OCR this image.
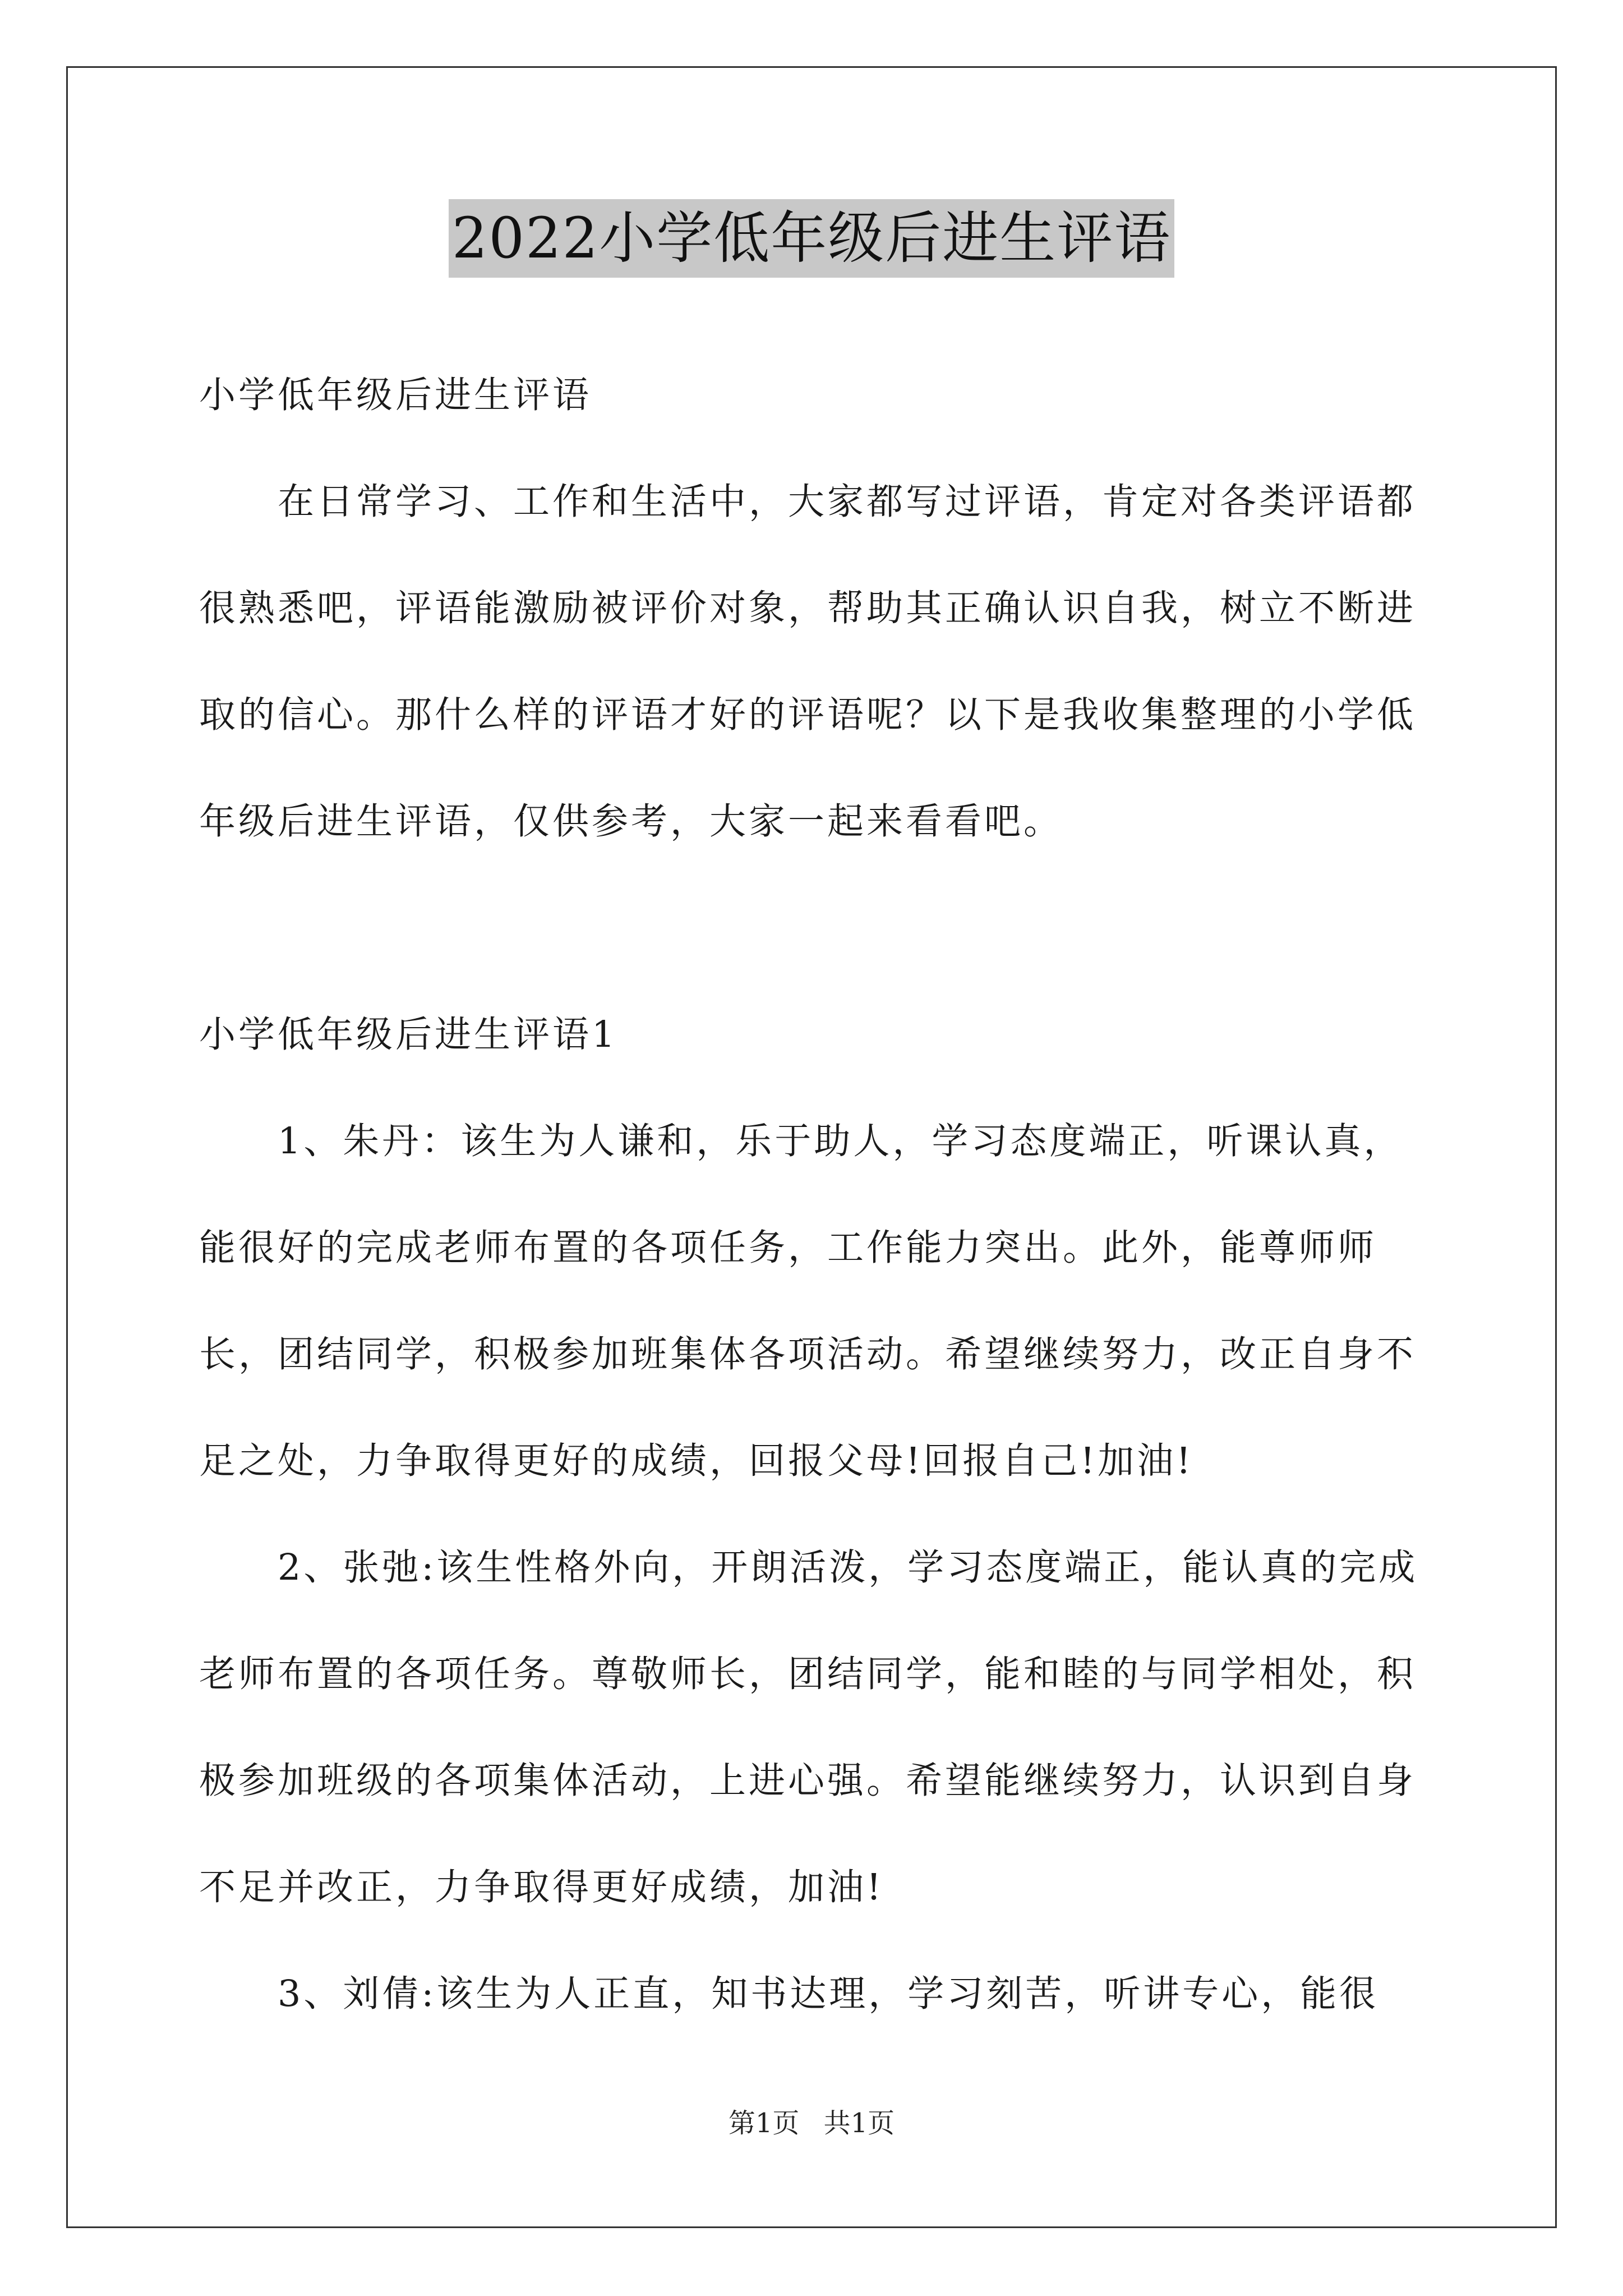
2022小学低年级后进生评语

小学低年级后进生评语

在日常学习、工作和生活中，大家都写过评语，肯定对各类评语都很熟悉吧，评语能激励被评价对象，帮助其正确认识自我，树立不断进取的信心。那什么样的评语才好的评语呢？以下是我收集整理的小学低年级后进生评语，仅供参考，大家一起来看看吧。

小学低年级后进生评语1

1、朱丹：该生为人谦和，乐于助人，学习态度端正，听课认真，能很好的完成老师布置的各项任务，工作能力突出。此外，能尊师师长，团结同学，积极参加班集体各项活动。希望继续努力，改正自身不足之处，力争取得更好的成绩，回报父母!回报自己!加油!

2、张弛:该生性格外向，开朗活泼，学习态度端正，能认真的完成老师布置的各项任务。尊敬师长，团结同学，能和睦的与同学相处，积极参加班级的各项集体活动，上进心强。希望能继续努力，认识到自身不足并改正，力争取得更好成绩，加油!

3、刘倩:该生为人正直，知书达理，学习刻苦，听讲专心，能很

第1页 共1页
